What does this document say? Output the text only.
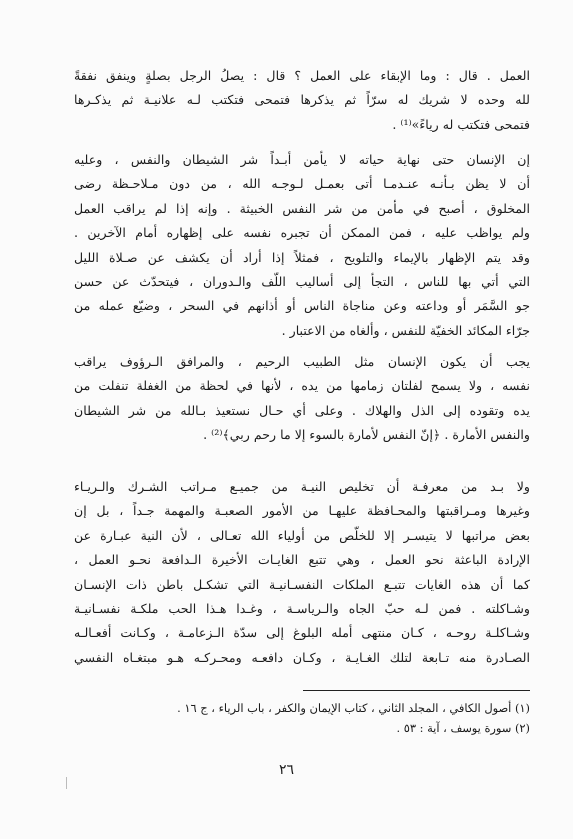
العمل . قال : وما الإبقاء على العمل ؟ قال : يصلُ الرجل بصلةٍ وينفق نفقةً
لله وحده لا شريك له سرّاً ثم يذكرها فتمحى فتكتب لـه علانيـة ثم يذكـرها
فتمحى فتكتب له رياءً»⁽¹⁾ .
إن الإنسان حتى نهاية حياته لا يأمن أبـداً شر الشيطان والنفس ، وعليه
أن لا يظن بـأنـه عنـدمـا أتى بعمـل لـوجـه الله ، من دون مـلاحـظة رضى
المخلوق ، أصبح في مأمن من شر النفس الخبيثة . وإنه إذا لم يراقب العمل
ولم يواظب عليه ، فمن الممكن أن تجبره نفسه على إظهاره أمام الآخرين .
وقد يتم الإظهار بالإيماء والتلويح ، فمثلاً إذا أراد أن يكشف عن صـلاة الليل
التي أتي بها للناس ، التجأ إلى أساليب اللّف والـدوران ، فيتحدّث عن حسن
جو السَّمَر أو وداعته وعن مناجاة الناس أو أذانهم في السحر ، وضيّع عمله من
جرّاء المكائد الخفيّة للنفس ، وألغاه من الاعتبار .
يجب أن يكون الإنسان مثل الطبيب الرحيم ، والمرافق الـرؤوف يراقب
نفسه ، ولا يسمح لفلتان زمامها من يده ، لأنها في لحظة من الغفلة تنفلت من
يده وتقوده إلى الذل والهلاك . وعلى أي حـال نستعيذ بـالله من شر الشيطان
والنفس الأمارة . ﴿إنّ النفس لأمارة بالسوء إلا ما رحم ربي﴾⁽²⁾ .
ولا بـد من معرفـة أن تخليص النيـة من جميـع مـراتب الشـرك والـريـاء
وغيرها ومـراقبتها والمحـافظة عليهـا من الأمور الصعبـة والمهمة جـداً ، بل إن
بعض مراتبها لا يتيسـر إلا للخلّص من أولياء الله تعـالى ، لأن النية عبـارة عن
الإرادة الباعثة نحو العمل ، وهي تتبع الغايـات الأخيرة الـدافعة نحـو العمل ،
كما أن هذه الغايات تتبـع الملكات النفسـانيـة التي تشكـل باطن ذات الإنسـان
وشـاكلته . فمن لـه حبّ الجاه والـرياسـة ، وغـدا هـذا الحب ملكـة نفسـانيـة
وشـاكلـة روحـه ، كـان منتهى أمله البلوغ إلى سدّة الـزعامـة ، وكـانت أفعـالـه
الصـادرة منه تـابعة لتلك الغـايـة ، وكـان دافعـه ومحـركـه هـو مبتغـاه النفسي
(١) أصول الكافي ، المجلد الثاني ، كتاب الإيمان والكفر ، باب الرياء ، ج ١٦ .
(٢) سورة يوسف ، آية : ٥٣ .
٢٦
